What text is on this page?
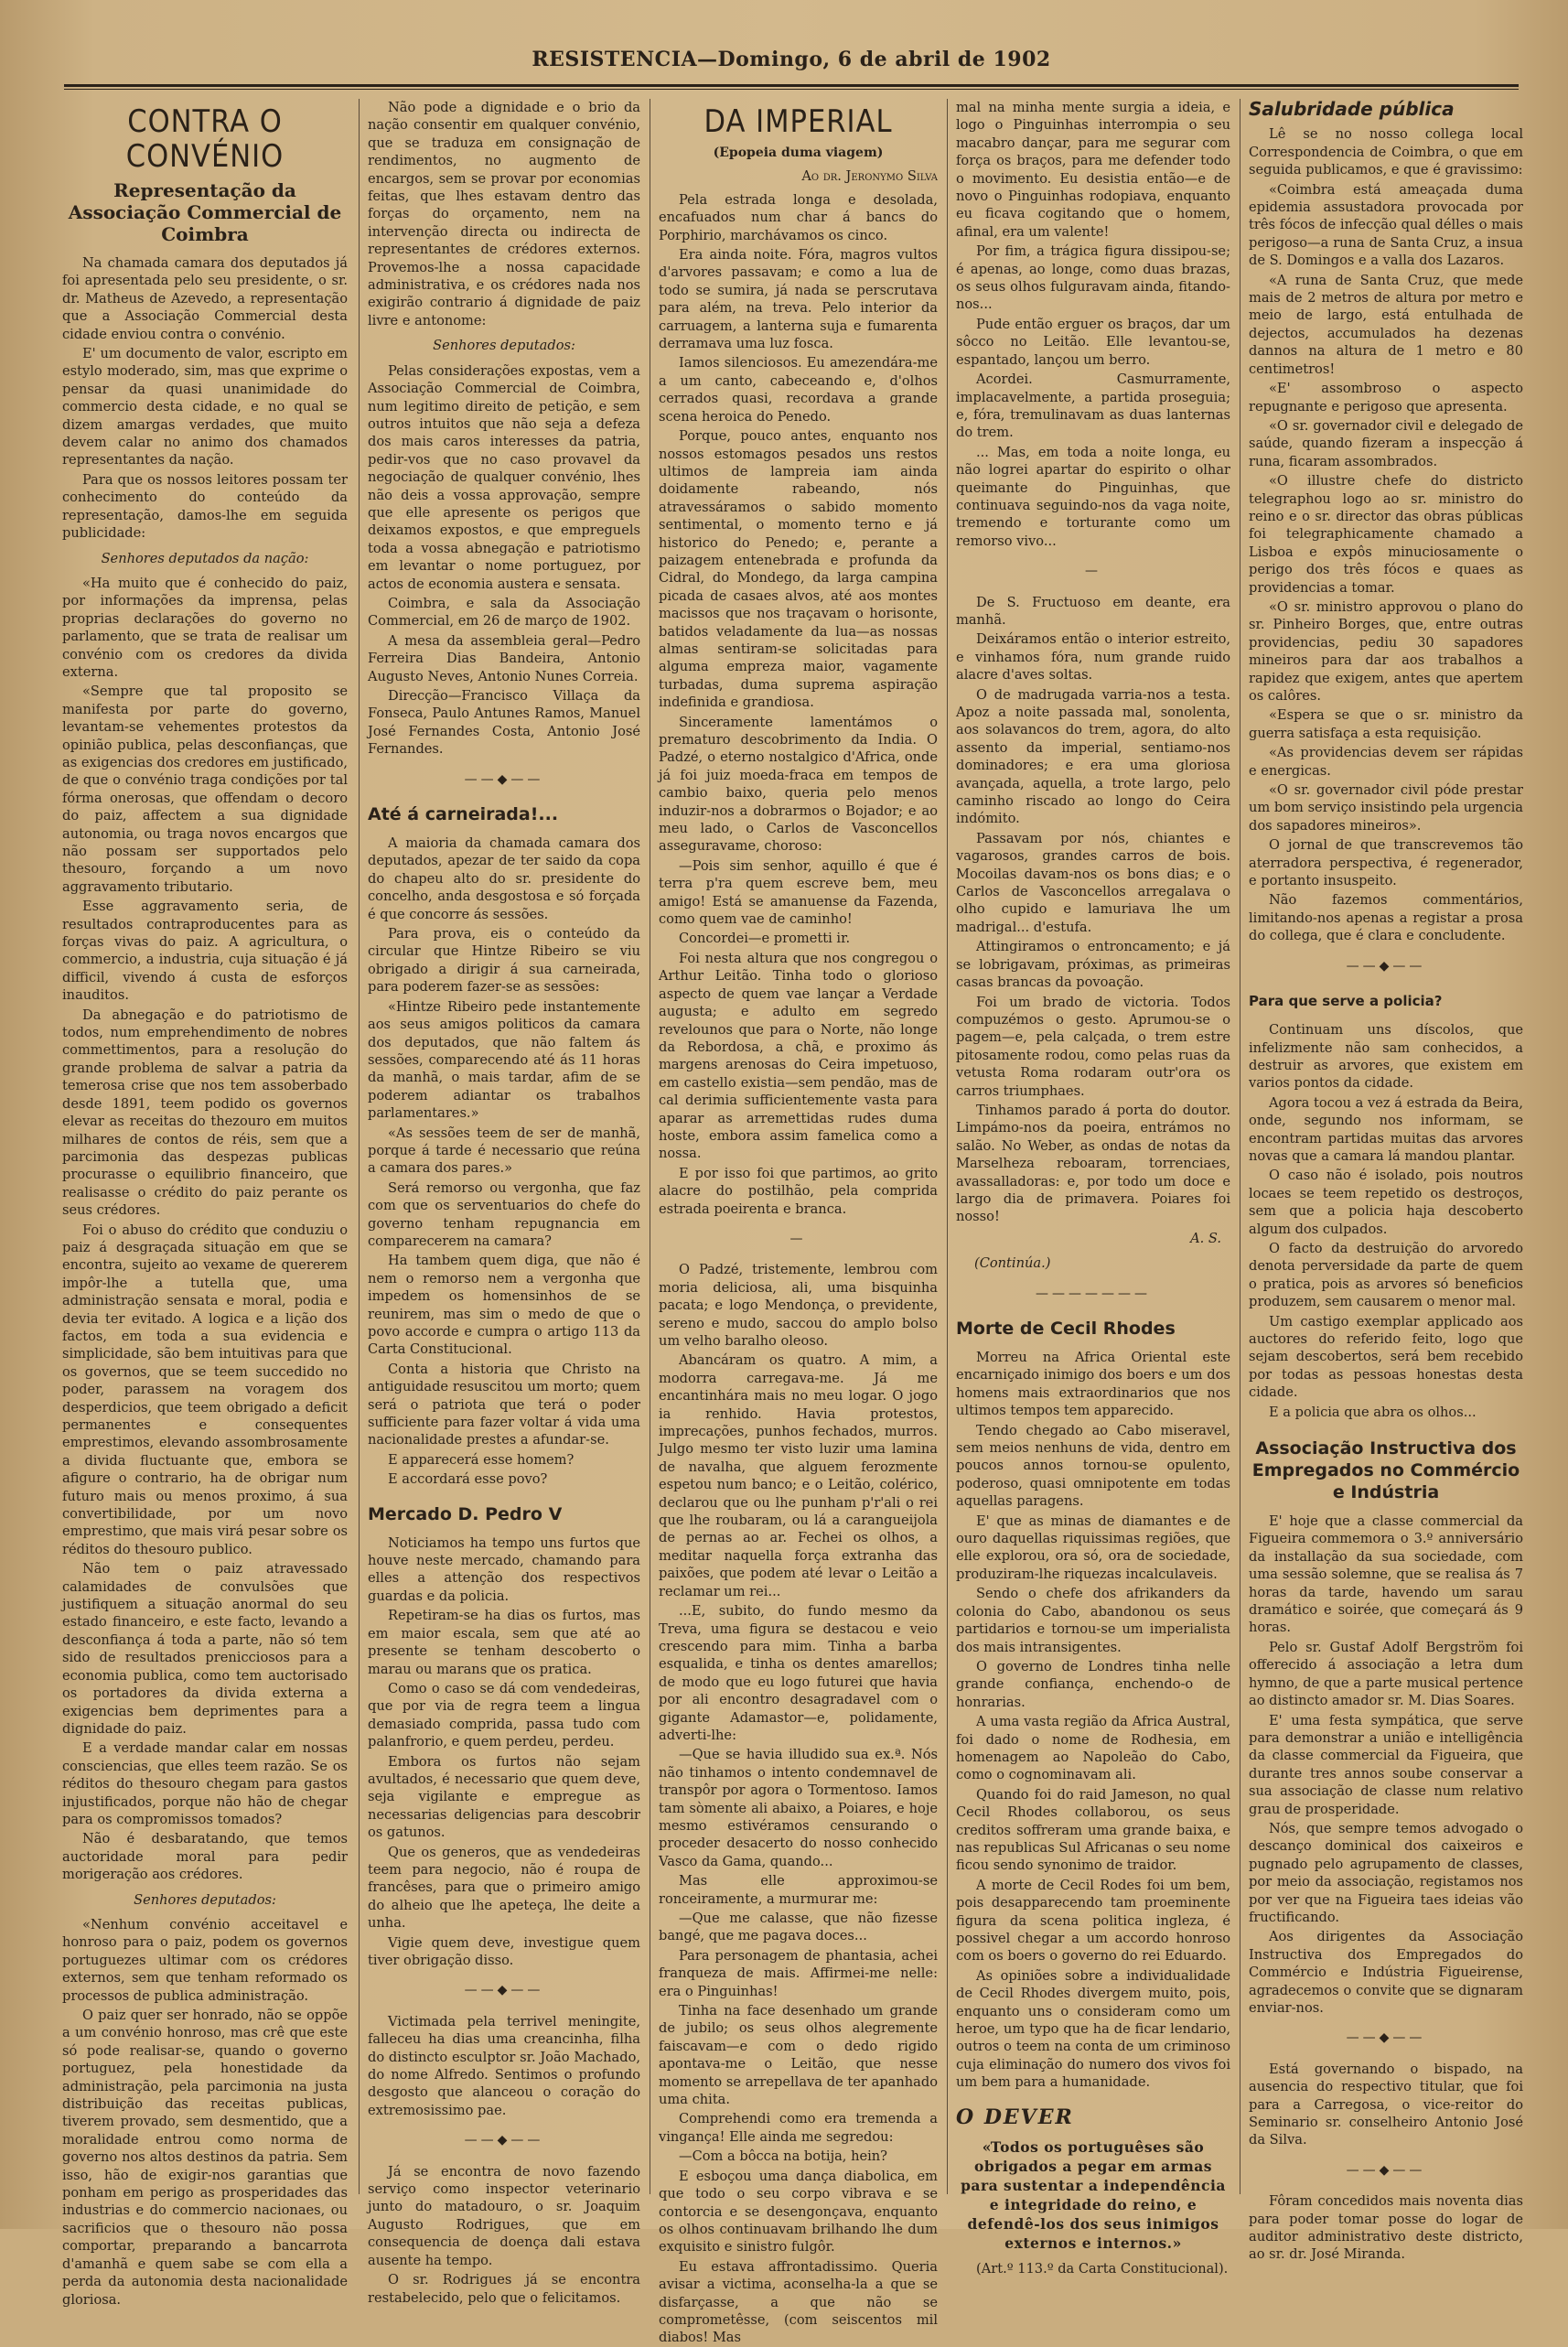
RESISTENCIA—Domingo, 6 de abril de 1902
CONTRA O CONVÉNIO
Representação da Associação Commercial de Coimbra

Na chamada camara dos deputados já foi apresentada pelo seu presidente, o sr. dr. Matheus de Azevedo, a representação que a Associação Commercial desta cidade enviou contra o convénio.

E' um documento de valor, escripto em estylo moderado, sim, mas que exprime o pensar da quasi unanimidade do commercio desta cidade, e no qual se dizem amargas verdades, que muito devem calar no animo dos chamados representantes da nação.

Para que os nossos leitores possam ter conhecimento do conteúdo da representação, damos-lhe em seguida publicidade:

Senhores deputados da nação:

«Ha muito que é conhecido do paiz, por informações da imprensa, pelas proprias declarações do governo no parlamento, que se trata de realisar um convénio com os credores da divida externa.

«Sempre que tal proposito se manifesta por parte do governo, levantam-se vehementes protestos da opinião publica, pelas desconfianças, que as exigencias dos credores em justificado, de que o convénio traga condições por tal fórma onerosas, que offendam o decoro do paiz, affectem a sua dignidade autonomia, ou traga novos encargos que não possam ser supportados pelo thesouro, forçando a um novo aggravamento tributario.

Esse aggravamento seria, de resultados contraproducentes para as forças vivas do paiz. A agricultura, o commercio, a industria, cuja situação é já difficil, vivendo á custa de esforços inauditos.

Da abnegação e do patriotismo de todos, num emprehendimento de nobres commettimentos, para a resolução do grande problema de salvar a patria da temerosa crise que nos tem assoberbado desde 1891, teem podido os governos elevar as receitas do thezouro em muitos milhares de contos de réis, sem que a parcimonia das despezas publicas procurasse o equilibrio financeiro, que realisasse o crédito do paiz perante os seus crédores.

Foi o abuso do crédito que conduziu o paiz á desgraçada situação em que se encontra, sujeito ao vexame de quererem impôr-lhe a tutella que, uma administração sensata e moral, podia e devia ter evitado. A logica e a lição dos factos, em toda a sua evidencia e simplicidade, são bem intuitivas para que os governos, que se teem succedido no poder, parassem na voragem dos desperdicios, que teem obrigado a deficit permanentes e consequentes emprestimos, elevando assombrosamente a divida fluctuante que, embora se afigure o contrario, ha de obrigar num futuro mais ou menos proximo, á sua convertibilidade, por um novo emprestimo, que mais virá pesar sobre os réditos do thesouro publico.

Não tem o paiz atravessado calamidades de convulsões que justifiquem a situação anormal do seu estado financeiro, e este facto, levando a desconfiança á toda a parte, não só tem sido de resultados prenicciosos para a economia publica, como tem auctorisado os portadores da divida externa a exigencias bem deprimentes para a dignidade do paiz.

E a verdade mandar calar em nossas consciencias, que elles teem razão. Se os réditos do thesouro chegam para gastos injustificados, porque não hão de chegar para os compromissos tomados?

Não é desbaratando, que temos auctoridade moral para pedir morigeração aos crédores.

Senhores deputados:

«Nenhum convénio acceitavel e honroso para o paiz, podem os governos portuguezes ultimar com os crédores externos, sem que tenham reformado os processos de publica administração.

O paiz quer ser honrado, não se oppõe a um convénio honroso, mas crê que este só pode realisar-se, quando o governo portuguez, pela honestidade da administração, pela parcimonia na justa distribuição das receitas publicas, tiverem provado, sem desmentido, que a moralidade entrou como norma de governo nos altos destinos da patria. Sem isso, hão de exigir-nos garantias que ponham em perigo as prosperidades das industrias e do commercio nacionaes, ou sacrificios que o thesouro não possa comportar, preparando a bancarrota d'amanhã e quem sabe se com ella a perda da autonomia desta nacionalidade gloriosa.

Não pode a dignidade e o brio da nação consentir em qualquer convénio, que se traduza em consignação de rendimentos, no augmento de encargos, sem se provar por economias feitas, que lhes estavam dentro das forças do orçamento, nem na intervenção directa ou indirecta de representantes de crédores externos. Provemos-lhe a nossa capacidade administrativa, e os crédores nada nos exigirão contrario á dignidade de paiz livre e antonome:

Senhores deputados:

Pelas considerações expostas, vem a Associação Commercial de Coimbra, num legitimo direito de petição, e sem outros intuitos que não seja a defeza dos mais caros interesses da patria, pedir-vos que no caso provavel da negociação de qualquer convénio, lhes não deis a vossa approvação, sempre que elle apresente os perigos que deixamos expostos, e que empreguels toda a vossa abnegação e patriotismo em levantar o nome portuguez, por actos de economia austera e sensata.

Coimbra, e sala da Associação Commercial, em 26 de março de 1902.

A mesa da assembleia geral—Pedro Ferreira Dias Bandeira, Antonio Augusto Neves, Antonio Nunes Correia.

Direcção—Francisco Villaça da Fonseca, Paulo Antunes Ramos, Manuel José Fernandes Costa, Antonio José Fernandes.

——◆——
Até á carneirada!...

A maioria da chamada camara dos deputados, apezar de ter saido da copa do chapeu alto do sr. presidente do concelho, anda desgostosa e só forçada é que concorre ás sessões.

Para prova, eis o conteúdo da circular que Hintze Ribeiro se viu obrigado a dirigir á sua carneirada, para poderem fazer-se as sessões:

«Hintze Ribeiro pede instantemente aos seus amigos politicos da camara dos deputados, que não faltem ás sessões, comparecendo até ás 11 horas da manhã, o mais tardar, afim de se poderem adiantar os trabalhos parlamentares.»

«As sessões teem de ser de manhã, porque á tarde é necessario que reúna a camara dos pares.»

Será remorso ou vergonha, que faz com que os serventuarios do chefe do governo tenham repugnancia em comparecerem na camara?

Ha tambem quem diga, que não é nem o remorso nem a vergonha que impedem os homensinhos de se reunirem, mas sim o medo de que o povo accorde e cumpra o artigo 113 da Carta Constitucional.

Conta a historia que Christo na antiguidade resuscitou um morto; quem será o patriota que terá o poder sufficiente para fazer voltar á vida uma nacionalidade prestes a afundar-se.

E apparecerá esse homem?

E accordará esse povo?

Mercado D. Pedro V

Noticiamos ha tempo uns furtos que houve neste mercado, chamando para elles a attenção dos respectivos guardas e da policia.

Repetiram-se ha dias os furtos, mas em maior escala, sem que até ao presente se tenham descoberto o marau ou marans que os pratica.

Como o caso se dá com vendedeiras, que por via de regra teem a lingua demasiado comprida, passa tudo com palanfrorio, e quem perdeu, perdeu.

Embora os furtos não sejam avultados, é necessario que quem deve, seja vigilante e empregue as necessarias deligencias para descobrir os gatunos.

Que os generos, que as vendedeiras teem para negocio, não é roupa de francêses, para que o primeiro amigo do alheio que lhe apeteça, lhe deite a unha.

Vigie quem deve, investigue quem tiver obrigação disso.

——◆——

Victimada pela terrivel meningite, falleceu ha dias uma creancinha, filha do distincto esculptor sr. João Machado, do nome Alfredo. Sentimos o profundo desgosto que alanceou o coração do extremosissimo pae.

——◆——

Já se encontra de novo fazendo serviço como inspector veterinario junto do matadouro, o sr. Joaquim Augusto Rodrigues, que em consequencia de doença dali estava ausente ha tempo.

O sr. Rodrigues já se encontra restabelecido, pelo que o felicitamos.

DA IMPERIAL
(Epopeia duma viagem)
Ao dr. Jeronymo Silva

Pela estrada longa e desolada, encafuados num char á bancs do Porphirio, marchávamos os cinco.

Era ainda noite. Fóra, magros vultos d'arvores passavam; e como a lua de todo se sumira, já nada se perscrutava para além, na treva. Pelo interior da carruagem, a lanterna suja e fumarenta derramava uma luz fosca.

Iamos silenciosos. Eu amezendára-me a um canto, cabeceando e, d'olhos cerrados quasi, recordava a grande scena heroica do Penedo.

Porque, pouco antes, enquanto nos nossos estomagos pesados uns restos ultimos de lampreia iam ainda doidamente rabeando, nós atravessáramos o sabido momento sentimental, o momento terno e já historico do Penedo; e, perante a paizagem entenebrada e profunda da Cidral, do Mondego, da larga campina picada de casaes alvos, até aos montes macissos que nos traçavam o horisonte, batidos veladamente da lua—as nossas almas sentiram-se solicitadas para alguma empreza maior, vagamente turbadas, duma suprema aspiração indefinida e grandiosa.

Sinceramente lamentámos o prematuro descobrimento da India. O Padzé, o eterno nostalgico d'Africa, onde já foi juiz moeda-fraca em tempos de cambio baixo, queria pelo menos induzir-nos a dobrarmos o Bojador; e ao meu lado, o Carlos de Vasconcellos asseguravame, choroso:

—Pois sim senhor, aquillo é que é terra p'ra quem escreve bem, meu amigo! Está se amanuense da Fazenda, como quem vae de caminho!

Concordei—e prometti ir.

Foi nesta altura que nos congregou o Arthur Leitão. Tinha todo o glorioso aspecto de quem vae lançar a Verdade augusta; e adulto em segredo revelounos que para o Norte, não longe da Rebordosa, a chã, e proximo ás margens arenosas do Ceira impetuoso, em castello existia—sem pendão, mas de cal derimia sufficientemente vasta para aparar as arremettidas rudes duma hoste, embora assim famelica como a nossa.

E por isso foi que partimos, ao grito alacre do postilhão, pela comprida estrada poeirenta e branca.

—

O Padzé, tristemente, lembrou com moria deliciosa, ali, uma bisquinha pacata; e logo Mendonça, o previdente, sereno e mudo, saccou do amplo bolso um velho baralho oleoso.

Abancáram os quatro. A mim, a modorra carregava-me. Já me encantinhára mais no meu logar. O jogo ia renhido. Havia protestos, imprecações, punhos fechados, murros. Julgo mesmo ter visto luzir uma lamina de navalha, que alguem ferozmente espetou num banco; e o Leitão, colérico, declarou que ou lhe punham p'r'ali o rei que lhe roubaram, ou lá a carangueijola de pernas ao ar. Fechei os olhos, a meditar naquella força extranha das paixões, que podem até levar o Leitão a reclamar um rei...

...E, subito, do fundo mesmo da Treva, uma figura se destacou e veio crescendo para mim. Tinha a barba esqualida, e tinha os dentes amarellos; de modo que eu logo futurei que havia por ali encontro desagradavel com o gigante Adamastor—e, polidamente, adverti-lhe:

—Que se havia illudido sua ex.ª. Nós não tinhamos o intento condemnavel de transpôr por agora o Tormentoso. Iamos tam sòmente ali abaixo, a Poiares, e hoje mesmo estivéramos censurando o proceder desacerto do nosso conhecido Vasco da Gama, quando...

Mas elle approximou-se ronceiramente, a murmurar me:

—Que me calasse, que não fizesse bangé, que me pagava doces...

Para personagem de phantasia, achei franqueza de mais. Affirmei-me nelle: era o Pinguinhas!

Tinha na face desenhado um grande de jubilo; os seus olhos alegremente faiscavam—e com o dedo rigido apontava-me o Leitão, que nesse momento se arrepellava de ter apanhado uma chita.

Comprehendi como era tremenda a vingança! Elle ainda me segredou:

—Com a bôcca na botija, hein?

E esboçou uma dança diabolica, em que todo o seu corpo vibrava e se contorcia e se desengonçava, enquanto os olhos continuavam brilhando lhe dum exquisito e sinistro fulgôr.

Eu estava affrontadissimo. Queria avisar a victima, aconselha-la a que se disfarçasse, a que não se comprometêsse, (com seiscentos mil diabos! Mas

mal na minha mente surgia a ideia, e logo o Pinguinhas interrompia o seu macabro dançar, para me segurar com força os braços, para me defender todo o movimento. Eu desistia então—e de novo o Pinguinhas rodopiava, enquanto eu ficava cogitando que o homem, afinal, era um valente!

Por fim, a trágica figura dissipou-se; é apenas, ao longe, como duas brazas, os seus olhos fulguravam ainda, fitando-nos...

Pude então erguer os braços, dar um sôcco no Leitão. Elle levantou-se, espantado, lançou um berro.

Acordei. Casmurramente, implacavelmente, a partida proseguia; e, fóra, tremulinavam as duas lanternas do trem.

... Mas, em toda a noite longa, eu não logrei apartar do espirito o olhar queimante do Pinguinhas, que continuava seguindo-nos da vaga noite, tremendo e torturante como um remorso vivo...

—

De S. Fructuoso em deante, era manhã.

Deixáramos então o interior estreito, e vinhamos fóra, num grande ruido alacre d'aves soltas.

O de madrugada varria-nos a testa. Apoz a noite passada mal, sonolenta, aos solavancos do trem, agora, do alto assento da imperial, sentiamo-nos dominadores; e era uma gloriosa avançada, aquella, a trote largo, pelo caminho riscado ao longo do Ceira indómito.

Passavam por nós, chiantes e vagarosos, grandes carros de bois. Mocoilas davam-nos os bons dias; e o Carlos de Vasconcellos arregalava o olho cupido e lamuriava lhe um madrigal... d'estufa.

Attingiramos o entroncamento; e já se lobrigavam, próximas, as primeiras casas brancas da povoação.

Foi um brado de victoria. Todos compuzémos o gesto. Aprumou-se o pagem—e, pela calçada, o trem estre pitosamente rodou, como pelas ruas da vetusta Roma rodaram outr'ora os carros triumphaes.

Tinhamos parado á porta do doutor. Limpámo-nos da poeira, entrámos no salão. No Weber, as ondas de notas da Marselheza reboaram, torrenciaes, avassalladoras: e, por todo um doce e largo dia de primavera. Poiares foi nosso!

A. S.
(Continúa.)
———————
Morte de Cecil Rhodes

Morreu na Africa Oriental este encarniçado inimigo dos boers e um dos homens mais extraordinarios que nos ultimos tempos tem apparecido.

Tendo chegado ao Cabo miseravel, sem meios nenhuns de vida, dentro em poucos annos tornou-se opulento, poderoso, quasi omnipotente em todas aquellas paragens.

E' que as minas de diamantes e de ouro daquellas riquissimas regiões, que elle explorou, ora só, ora de sociedade, produziram-lhe riquezas incalculaveis.

Sendo o chefe dos afrikanders da colonia do Cabo, abandonou os seus partidarios e tornou-se um imperialista dos mais intransigentes.

O governo de Londres tinha nelle grande confiança, enchendo-o de honrarias.

A uma vasta região da Africa Austral, foi dado o nome de Rodhesia, em homenagem ao Napoleão do Cabo, como o cognominavam ali.

Quando foi do raid Jameson, no qual Cecil Rhodes collaborou, os seus creditos soffreram uma grande baixa, e nas republicas Sul Africanas o seu nome ficou sendo synonimo de traidor.

A morte de Cecil Rodes foi um bem, pois desapparecendo tam proeminente figura da scena politica ingleza, é possivel chegar a um accordo honroso com os boers o governo do rei Eduardo.

As opiniões sobre a individualidade de Cecil Rhodes divergem muito, pois, enquanto uns o consideram como um heroe, um typo que ha de ficar lendario, outros o teem na conta de um criminoso cuja eliminação do numero dos vivos foi um bem para a humanidade.

O DEVER
«Todos os portuguêses são obrigados a pegar em armas para sustentar a independência e integridade do reino, e defendê-los dos seus inimigos externos e internos.»

(Art.º 113.º da Carta Constitucional).

Salubridade pública

Lê se no nosso collega local Correspondencia de Coimbra, o que em seguida publicamos, e que é gravissimo:

«Coimbra está ameaçada duma epidemia assustadora provocada por três fócos de infecção qual délles o mais perigoso—a runa de Santa Cruz, a insua de S. Domingos e a valla dos Lazaros.

«A runa de Santa Cruz, que mede mais de 2 metros de altura por metro e meio de largo, está entulhada de dejectos, accumulados ha dezenas dannos na altura de 1 metro e 80 centimetros!

«E' assombroso o aspecto repugnante e perigoso que apresenta.

«O sr. governador civil e delegado de saúde, quando fizeram a inspecção á runa, ficaram assombrados.

«O illustre chefe do districto telegraphou logo ao sr. ministro do reino e o sr. director das obras públicas foi telegraphicamente chamado a Lisboa e expôs minuciosamente o perigo dos três fócos e quaes as providencias a tomar.

«O sr. ministro approvou o plano do sr. Pinheiro Borges, que, entre outras providencias, pediu 30 sapadores mineiros para dar aos trabalhos a rapidez que exigem, antes que apertem os calôres.

«Espera se que o sr. ministro da guerra satisfaça a esta requisição.

«As providencias devem ser rápidas e energicas.

«O sr. governador civil póde prestar um bom serviço insistindo pela urgencia dos sapadores mineiros».

O jornal de que transcrevemos tão aterradora perspectiva, é regenerador, e portanto insuspeito.

Não fazemos commentários, limitando-nos apenas a registar a prosa do collega, que é clara e concludente.

——◆——
Para que serve a policia?

Continuam uns díscolos, que infelizmente não sam conhecidos, a destruir as arvores, que existem em varios pontos da cidade.

Agora tocou a vez á estrada da Beira, onde, segundo nos informam, se encontram partidas muitas das arvores novas que a camara lá mandou plantar.

O caso não é isolado, pois noutros locaes se teem repetido os destroços, sem que a policia haja descoberto algum dos culpados.

O facto da destruição do arvoredo denota perversidade da parte de quem o pratica, pois as arvores só beneficios produzem, sem causarem o menor mal.

Um castigo exemplar applicado aos auctores do referido feito, logo que sejam descobertos, será bem recebido por todas as pessoas honestas desta cidade.

E a policia que abra os olhos...

Associação Instructiva dos Empregados no Commércio e Indústria

E' hoje que a classe commercial da Figueira commemora o 3.º anniversário da installação da sua sociedade, com uma sessão solemne, que se realisa ás 7 horas da tarde, havendo um sarau dramático e soirée, que começará ás 9 horas.

Pelo sr. Gustaf Adolf Bergström foi offerecido á associação a letra dum hymno, de que a parte musical pertence ao distincto amador sr. M. Dias Soares.

E' uma festa sympática, que serve para demonstrar a união e intelligência da classe commercial da Figueira, que durante tres annos soube conservar a sua associação de classe num relativo grau de prosperidade.

Nós, que sempre temos advogado o descanço dominical dos caixeiros e pugnado pelo agrupamento de classes, por meio da associação, registamos nos por ver que na Figueira taes ideias vão fructificando.

Aos dirigentes da Associação Instructiva dos Empregados do Commércio e Indústria Figueirense, agradecemos o convite que se dignaram enviar-nos.

——◆——

Está governando o bispado, na ausencia do respectivo titular, que foi para a Carregosa, o vice-reitor do Seminario sr. conselheiro Antonio José da Silva.

——◆——

Fôram concedidos mais noventa dias para poder tomar posse do logar de auditor administrativo deste districto, ao sr. dr. José Miranda.
